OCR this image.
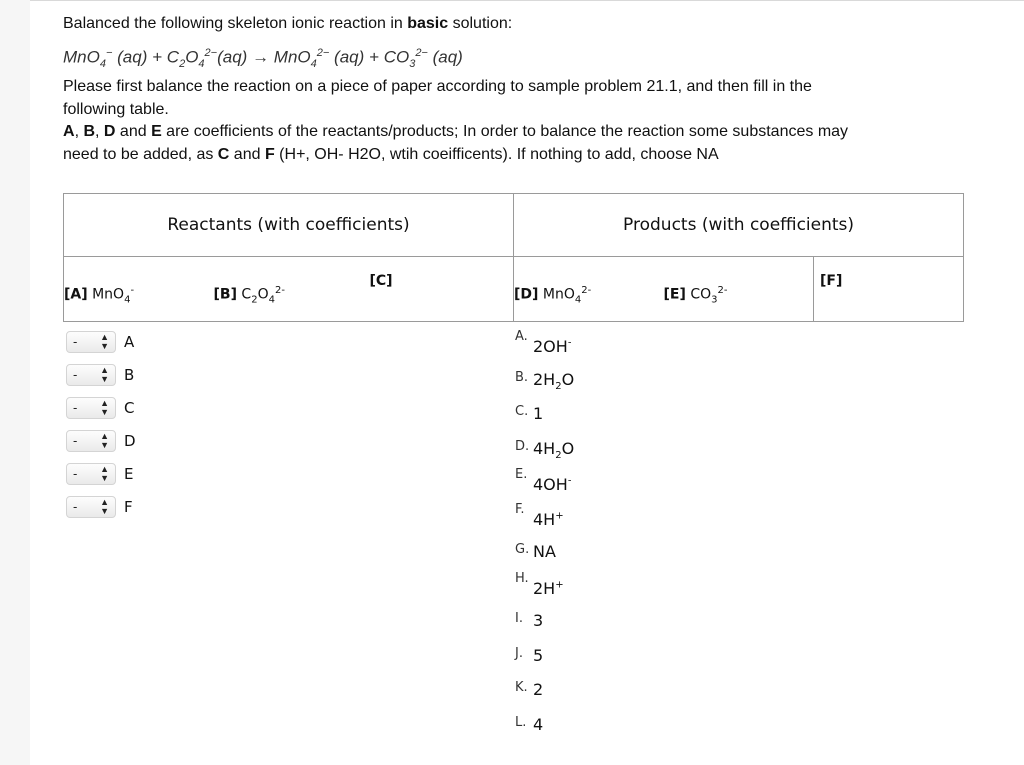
Balanced the following skeleton ionic reaction in basic solution:
MnO$_4$− $(aq) + C_2O_4^{2-}(aq) \to MnO_4^{2-}$ $(aq) + CO_3^{2-}$ (aq)
Please first balance the reaction on a piece of paper according to sample problem 21.1, and then fill in the
following table.
A, B, D and E are coefficients of the reactants/products; In order to balance the reaction some substances may
need to be added, as C and F (H+, OH- H2O, wtih coeifficents). If nothing to add, choose NA
Reactants (with coefficients)			Products (with coefficients)		
[A] MnO$_4$-	[B] $C_2O_4^{2-}$	[C]	[D] MnO$_4^{2-}$	[E] $CO_3^{2-}$	[F]
-	▲
▼ A
-	▲
▼ B
-	▲
▼ C
-	▲
▼ D
-	▲
▼ E
-	▲
▼ F
A.
2OH-
B. $2H_2O$
C. 1
D. $4H_2O$
E.
4OH-
F.
4H+
G. NA
H.
2H+
I. 3
J. 5
K. 2
L. 4
